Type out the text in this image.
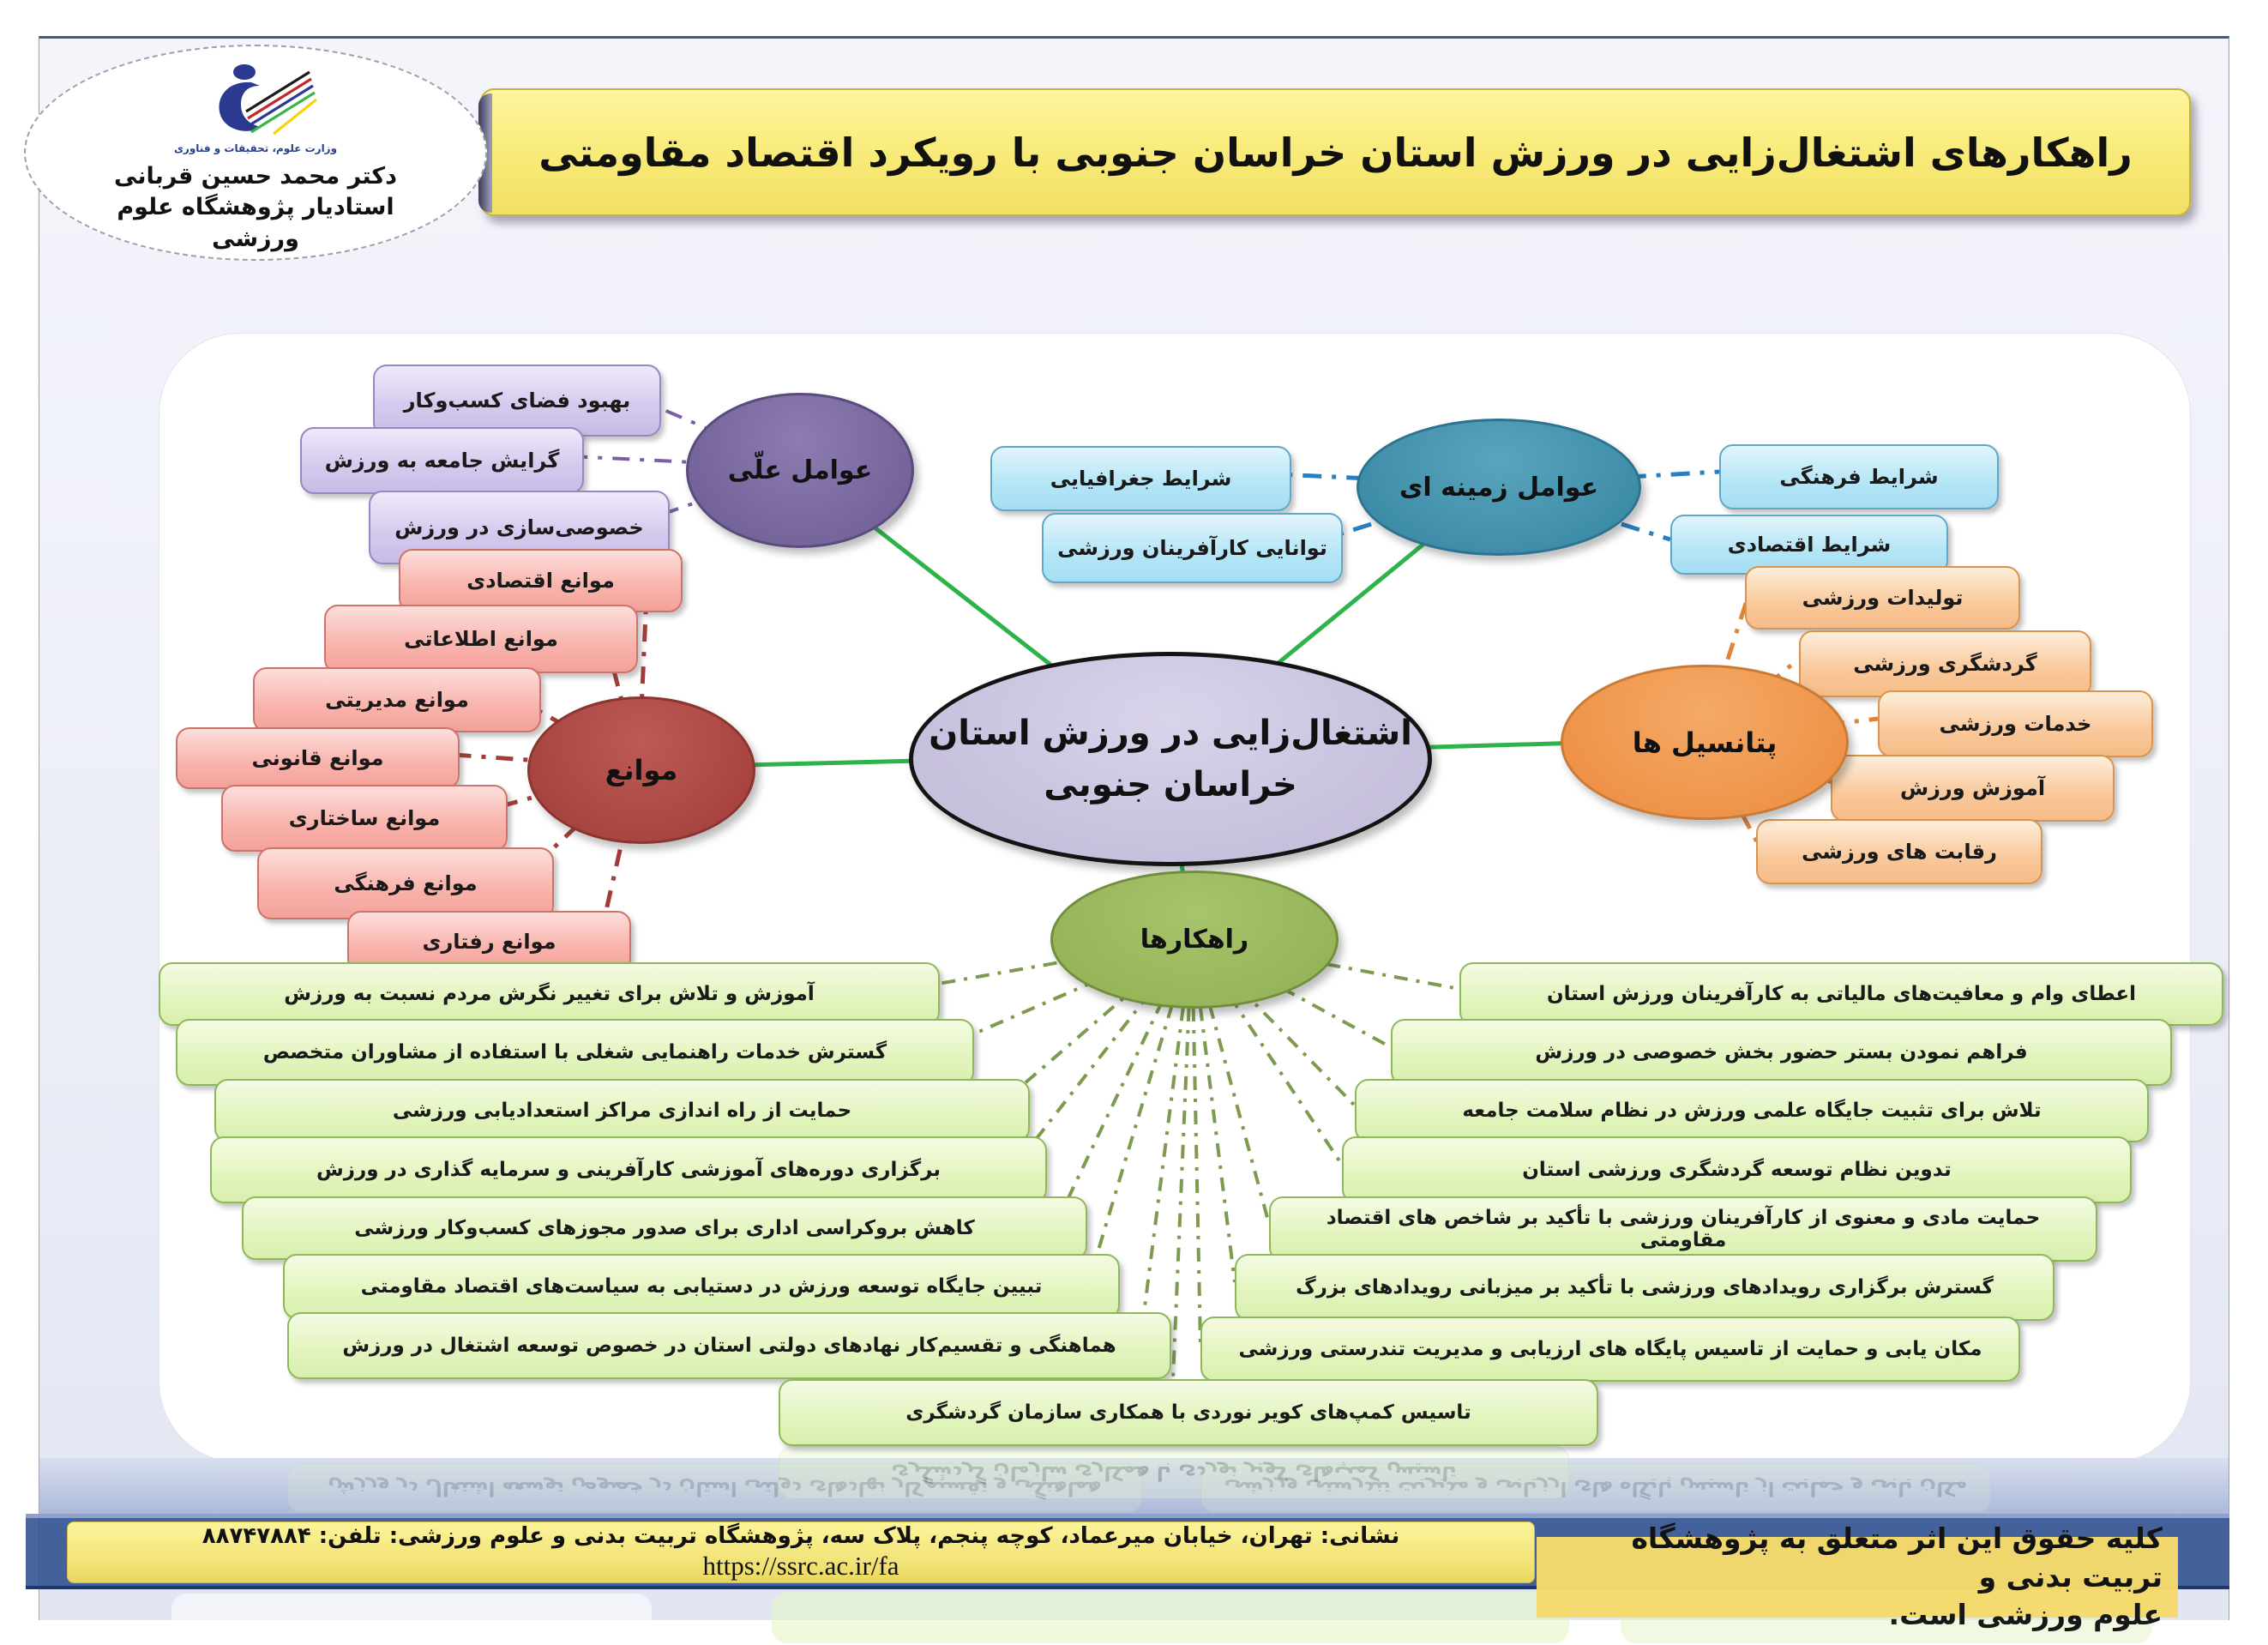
تاسیس کمپ‌های کویر نوردی با همکاری سازمان گردشگری
هماهنگی و تقسیم‌کار نهادهای دولتی استان در خصوص توسعه اشتغال در ورزش	مکان یابی و حمایت از تاسیس پایگاه های ارزیابی و مدیریت تندرستی ورزشی
راهکارهای اشتغال‌زایی در ورزش استان خراسان جنوبی با رویکرد اقتصاد مقاومتی
وزارت علوم، تحقیقات و فناوری
دکتر محمد حسین قربانی
استادیار پژوهشگاه علوم
ورزشی
اشتغال‌زایی در ورزش استان
خراسان جنوبی
عوامل علّی
عوامل زمینه ای
موانع
پتانسیل ها
راهکارها
بهبود فضای کسب‌وکار
گرایش جامعه به ورزش
خصوصی‌سازی در ورزش
موانع اقتصادی
موانع اطلاعاتی
موانع مدیریتی
موانع قانونی
موانع ساختاری
موانع فرهنگی
موانع رفتاری
شرایط جغرافیایی
توانایی کارآفرینان ورزشی
شرایط فرهنگی
شرایط اقتصادی
تولیدات ورزشی
گردشگری ورزشی
خدمات ورزشی
آموزش ورزش
رقابت های ورزشی
آموزش و تلاش برای تغییر نگرش مردم نسبت به ورزش
گسترش خدمات راهنمایی شغلی با استفاده از مشاوران متخصص
حمایت از راه اندازی مراکز استعدادیابی ورزشی
برگزاری دوره‌های آموزشی کارآفرینی و سرمایه گذاری در ورزش
کاهش بروکراسی اداری برای صدور مجوزهای کسب‌وکار ورزشی
تبیین جایگاه توسعه ورزش در دستیابی به سیاست‌های اقتصاد مقاومتی
هماهنگی و تقسیم‌کار نهادهای دولتی استان در خصوص توسعه اشتغال در ورزش
اعطای وام و معافیت‌های مالیاتی به کارآفرینان ورزش استان
فراهم نمودن بستر حضور بخش خصوصی در ورزش
تلاش برای تثبیت جایگاه علمی ورزش در نظام سلامت جامعه
تدوین نظام توسعه گردشگری ورزشی استان
حمایت مادی و معنوی از کارآفرینان ورزشی با تأکید بر شاخص های اقتصاد مقاومتی
گسترش برگزاری رویدادهای ورزشی با تأکید بر میزبانی رویدادهای بزرگ
مکان یابی و حمایت از تاسیس پایگاه های ارزیابی و مدیریت تندرستی ورزشی
تاسیس کمپ‌های کویر نوردی با همکاری سازمان گردشگری
نشانی: تهران، خیابان میرعماد، کوچه پنجم، پلاک سه، پژوهشگاه تربیت بدنی و علوم ورزشی: تلفن: ۸۸۷۴۷۸۸۴
https://ssrc.ac.ir/fa
کلیه حقوق این اثر متعلق به پژوهشگاه تربیت بدنی و
علوم ورزشی است.
